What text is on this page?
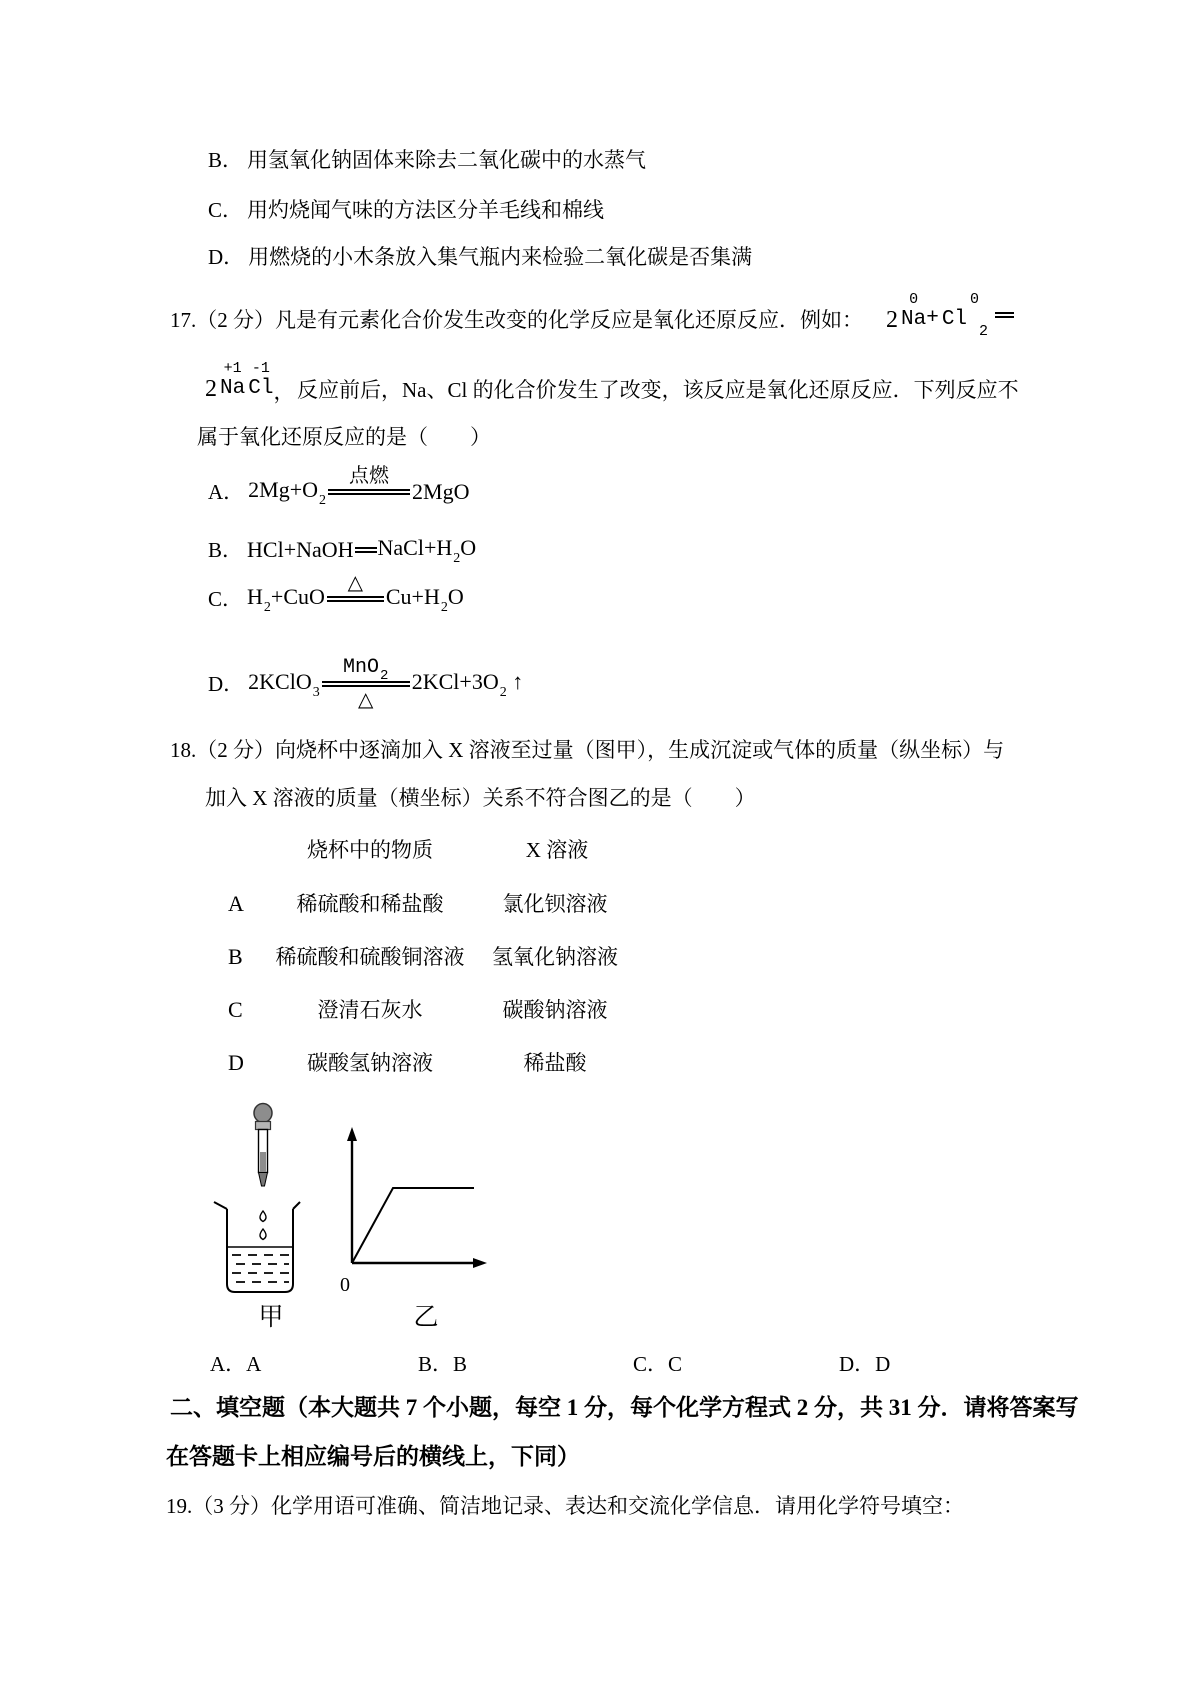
B． 用氢氧化钠固体来除去二氧化碳中的水蒸气
C． 用灼烧闻气味的方法区分羊毛线和棉线
D． 用燃烧的小木条放入集气瓶内来检验二氧化碳是否集满
17.（2 分）凡是有元素化合价发生改变的化学反应是氧化还原反应．例如： 2
0
Na +
0
Cl
2
2
+1
Na
-1
Cl ， 反应前后，Na、Cl 的化合价发生了改变，该反应是氧化还原反应．下列反应不
属于氧化还原反应的是（　　）
A． $2Mg+O_2$
点燃
2MgO
B． HCl+NaOH $NaCl+H_2O$
C． $H_2+CuO$
△
$Cu+H_2O$
D． 2KClO$_3$
MnO$_2$
△
$2KCl+3O_2$ ↑
18.（2 分）向烧杯中逐滴加入 X 溶液至过量（图甲），生成沉淀或气体的质量（纵坐标）与
加入 X 溶液的质量（横坐标）关系不符合图乙的是（　　）
烧杯中的物质	X 溶液
A	稀硫酸和稀盐酸	氯化钡溶液
B 稀硫酸和硫酸铜溶液	氢氧化钠溶液
C	澄清石灰水	碳酸钠溶液
D	碳酸氢钠溶液	稀盐酸
0
甲	乙
A．A	B．B	C．C	D．D
二、填空题（本大题共 7 个小题，每空 1 分，每个化学方程式 2 分，共 31 分．请将答案写
在答题卡上相应编号后的横线上，下同）
19.（3 分）化学用语可准确、简洁地记录、表达和交流化学信息．请用化学符号填空：
